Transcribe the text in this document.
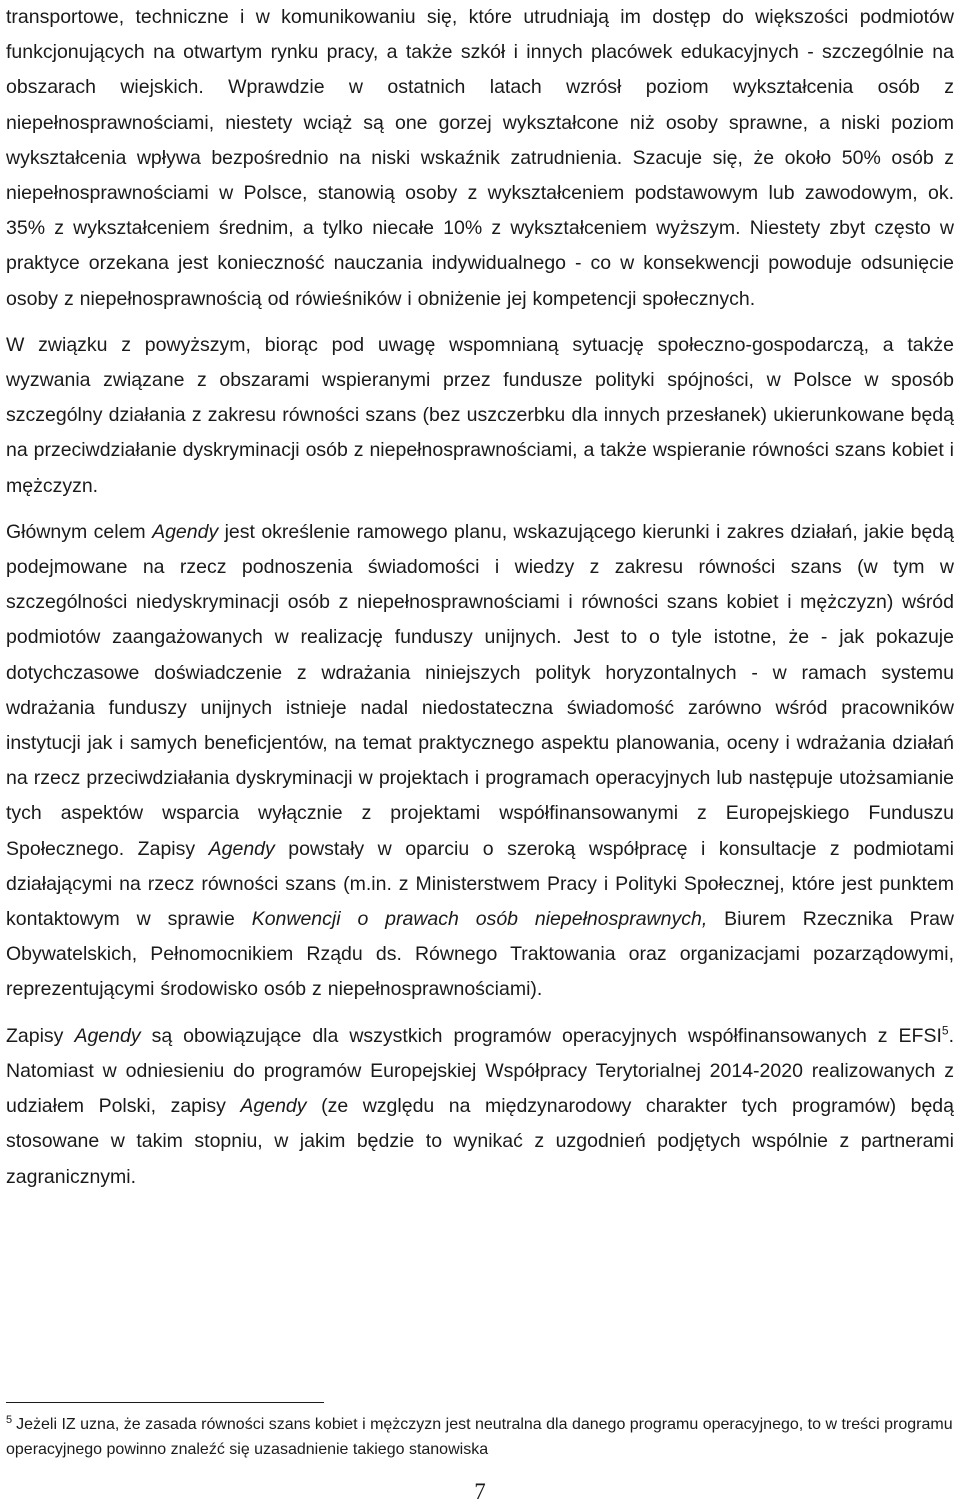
transportowe, techniczne i w komunikowaniu się, które utrudniają im dostęp do większości podmiotów funkcjonujących na otwartym rynku pracy, a także szkół i innych placówek edukacyjnych - szczególnie na obszarach wiejskich. Wprawdzie w ostatnich latach wzrósł poziom wykształcenia osób z niepełnosprawnościami, niestety wciąż są one gorzej wykształcone niż osoby sprawne, a niski poziom wykształcenia wpływa bezpośrednio na niski wskaźnik zatrudnienia. Szacuje się, że około 50% osób z niepełnosprawnościami w Polsce, stanowią osoby z wykształceniem podstawowym lub zawodowym, ok. 35% z wykształceniem średnim, a tylko niecałe 10% z wykształceniem wyższym. Niestety zbyt często w praktyce orzekana jest konieczność nauczania indywidualnego - co w konsekwencji powoduje odsunięcie osoby z niepełnosprawnością od rówieśników i obniżenie jej kompetencji społecznych.

W związku z powyższym, biorąc pod uwagę wspomnianą sytuację społeczno-gospodarczą, a także wyzwania związane z obszarami wspieranymi przez fundusze polityki spójności, w Polsce w sposób szczególny działania z zakresu równości szans (bez uszczerbku dla innych przesłanek) ukierunkowane będą na przeciwdziałanie dyskryminacji osób z niepełnosprawnościami, a także wspieranie równości szans kobiet i mężczyzn.

Głównym celem Agendy jest określenie ramowego planu, wskazującego kierunki i zakres działań, jakie będą podejmowane na rzecz podnoszenia świadomości i wiedzy z zakresu równości szans (w tym w szczególności niedyskryminacji osób z niepełnosprawnościami i równości szans kobiet i mężczyzn) wśród podmiotów zaangażowanych w realizację funduszy unijnych. Jest to o tyle istotne, że - jak pokazuje dotychczasowe doświadczenie z wdrażania niniejszych polityk horyzontalnych - w ramach systemu wdrażania funduszy unijnych istnieje nadal niedostateczna świadomość zarówno wśród pracowników instytucji jak i samych beneficjentów, na temat praktycznego aspektu planowania, oceny i wdrażania działań na rzecz przeciwdziałania dyskryminacji w projektach i programach operacyjnych lub następuje utożsamianie tych aspektów wsparcia wyłącznie z projektami współfinansowanymi z Europejskiego Funduszu Społecznego. Zapisy Agendy powstały w oparciu o szeroką współpracę i konsultacje z podmiotami działającymi na rzecz równości szans (m.in. z Ministerstwem Pracy i Polityki Społecznej, które jest punktem kontaktowym w sprawie Konwencji o prawach osób niepełnosprawnych, Biurem Rzecznika Praw Obywatelskich, Pełnomocnikiem Rządu ds. Równego Traktowania oraz organizacjami pozarządowymi, reprezentującymi środowisko osób z niepełnosprawnościami).

Zapisy Agendy są obowiązujące dla wszystkich programów operacyjnych współfinansowanych z EFSI$^5$. Natomiast w odniesieniu do programów Europejskiej Współpracy Terytorialnej 2014-2020 realizowanych z udziałem Polski, zapisy Agendy (ze względu na międzynarodowy charakter tych programów) będą stosowane w takim stopniu, w jakim będzie to wynikać z uzgodnień podjętych wspólnie z partnerami zagranicznymi.

$^5$ Jeżeli IZ uzna, że zasada równości szans kobiet i mężczyzn jest neutralna dla danego programu operacyjnego, to w treści programu operacyjnego powinno znaleźć się uzasadnienie takiego stanowiska

7
